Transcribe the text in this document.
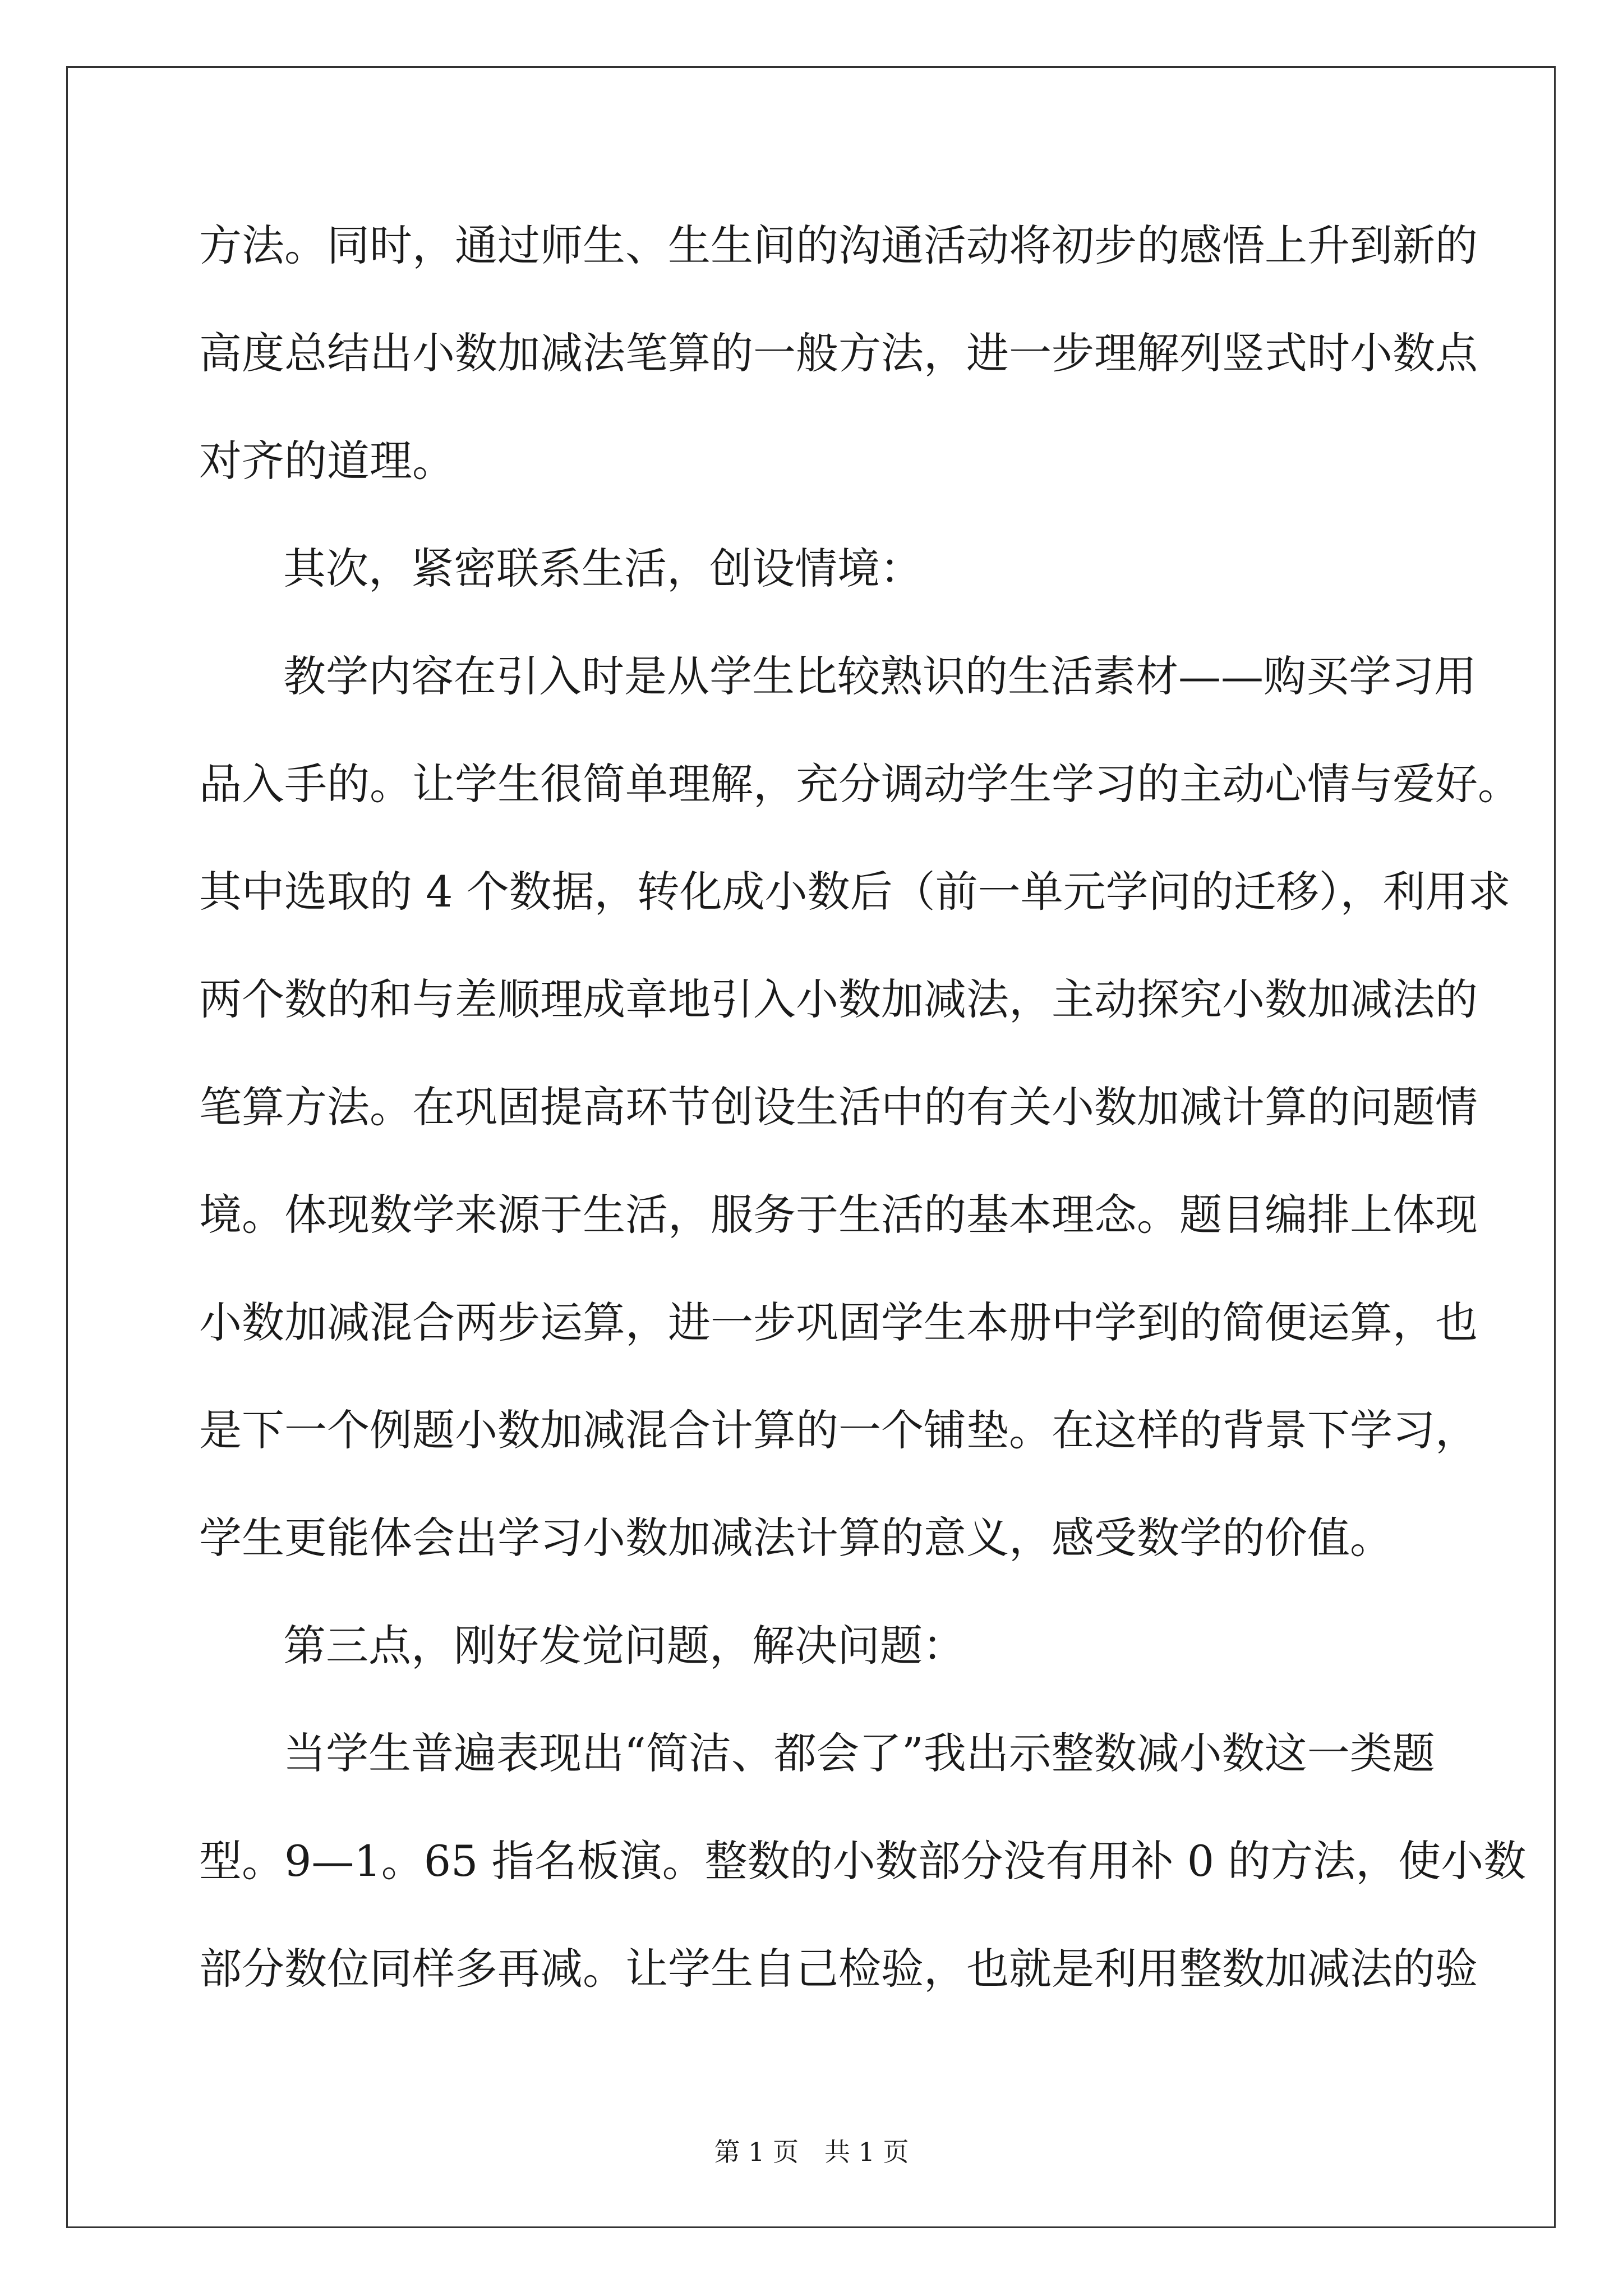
方法。同时，通过师生、生生间的沟通活动将初步的感悟上升到新的
高度总结出小数加减法笔算的一般方法，进一步理解列竖式时小数点
对齐的道理。
其次，紧密联系生活，创设情境：
教学内容在引入时是从学生比较熟识的生活素材——购买学习用
品入手的。让学生很简单理解，充分调动学生学习的主动心情与爱好。
其中选取的 4 个数据，转化成小数后（前一单元学问的迁移），利用求
两个数的和与差顺理成章地引入小数加减法，主动探究小数加减法的
笔算方法。在巩固提高环节创设生活中的有关小数加减计算的问题情
境。体现数学来源于生活，服务于生活的基本理念。题目编排上体现
小数加减混合两步运算，进一步巩固学生本册中学到的简便运算，也
是下一个例题小数加减混合计算的一个铺垫。在这样的背景下学习，
学生更能体会出学习小数加减法计算的意义，感受数学的价值。
第三点，刚好发觉问题，解决问题：
当学生普遍表现出“简洁、都会了”我出示整数减小数这一类题
型。9—1。65 指名板演。整数的小数部分没有用补 0 的方法，使小数
部分数位同样多再减。让学生自己检验，也就是利用整数加减法的验
第 1 页　共 1 页
